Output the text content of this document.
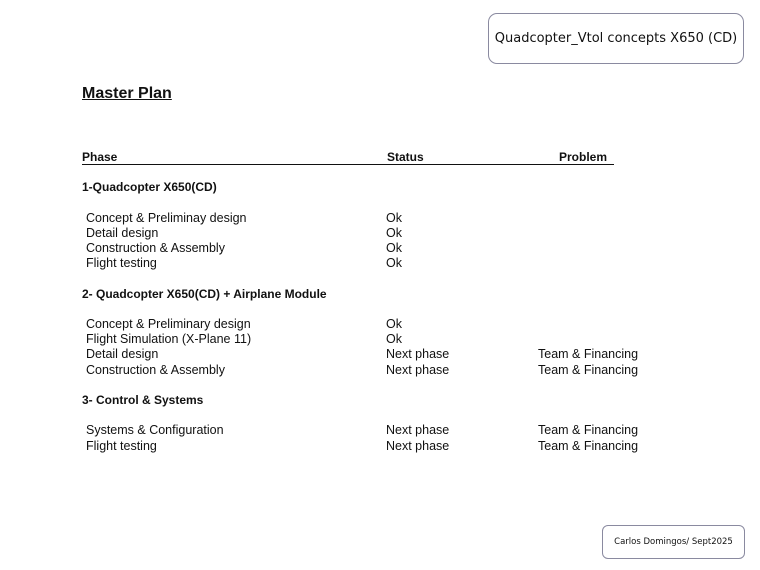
Quadcopter_Vtol concepts X650 (CD)
Master Plan
Phase	Status	Problem
1-Quadcopter X650(CD)
Concept & Preliminay design	Ok
Detail design	Ok
Construction & Assembly	Ok
Flight testing	Ok
2- Quadcopter X650(CD) + Airplane Module
Concept & Preliminary design	Ok
Flight Simulation (X-Plane 11)	Ok
Detail design	Next phase	Team & Financing
Construction & Assembly	Next phase	Team & Financing
3- Control & Systems
Systems & Configuration	Next phase	Team & Financing
Flight testing	Next phase	Team & Financing
Carlos Domingos/ Sept2025
